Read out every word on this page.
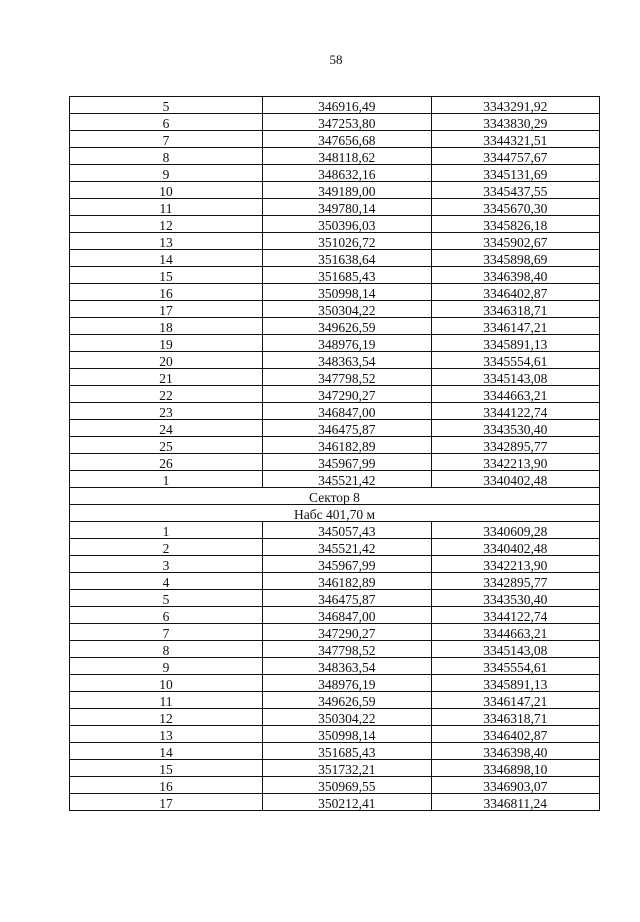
58
5	346916,49	3343291,92
6	347253,80	3343830,29
7	347656,68	3344321,51
8	348118,62	3344757,67
9	348632,16	3345131,69
10	349189,00	3345437,55
11	349780,14	3345670,30
12	350396,03	3345826,18
13	351026,72	3345902,67
14	351638,64	3345898,69
15	351685,43	3346398,40
16	350998,14	3346402,87
17	350304,22	3346318,71
18	349626,59	3346147,21
19	348976,19	3345891,13
20	348363,54	3345554,61
21	347798,52	3345143,08
22	347290,27	3344663,21
23	346847,00	3344122,74
24	346475,87	3343530,40
25	346182,89	3342895,77
26	345967,99	3342213,90
1	345521,42	3340402,48
Сектор 8		
Набс 401,70 м		
1	345057,43	3340609,28
2	345521,42	3340402,48
3	345967,99	3342213,90
4	346182,89	3342895,77
5	346475,87	3343530,40
6	346847,00	3344122,74
7	347290,27	3344663,21
8	347798,52	3345143,08
9	348363,54	3345554,61
10	348976,19	3345891,13
11	349626,59	3346147,21
12	350304,22	3346318,71
13	350998,14	3346402,87
14	351685,43	3346398,40
15	351732,21	3346898,10
16	350969,55	3346903,07
17	350212,41	3346811,24
